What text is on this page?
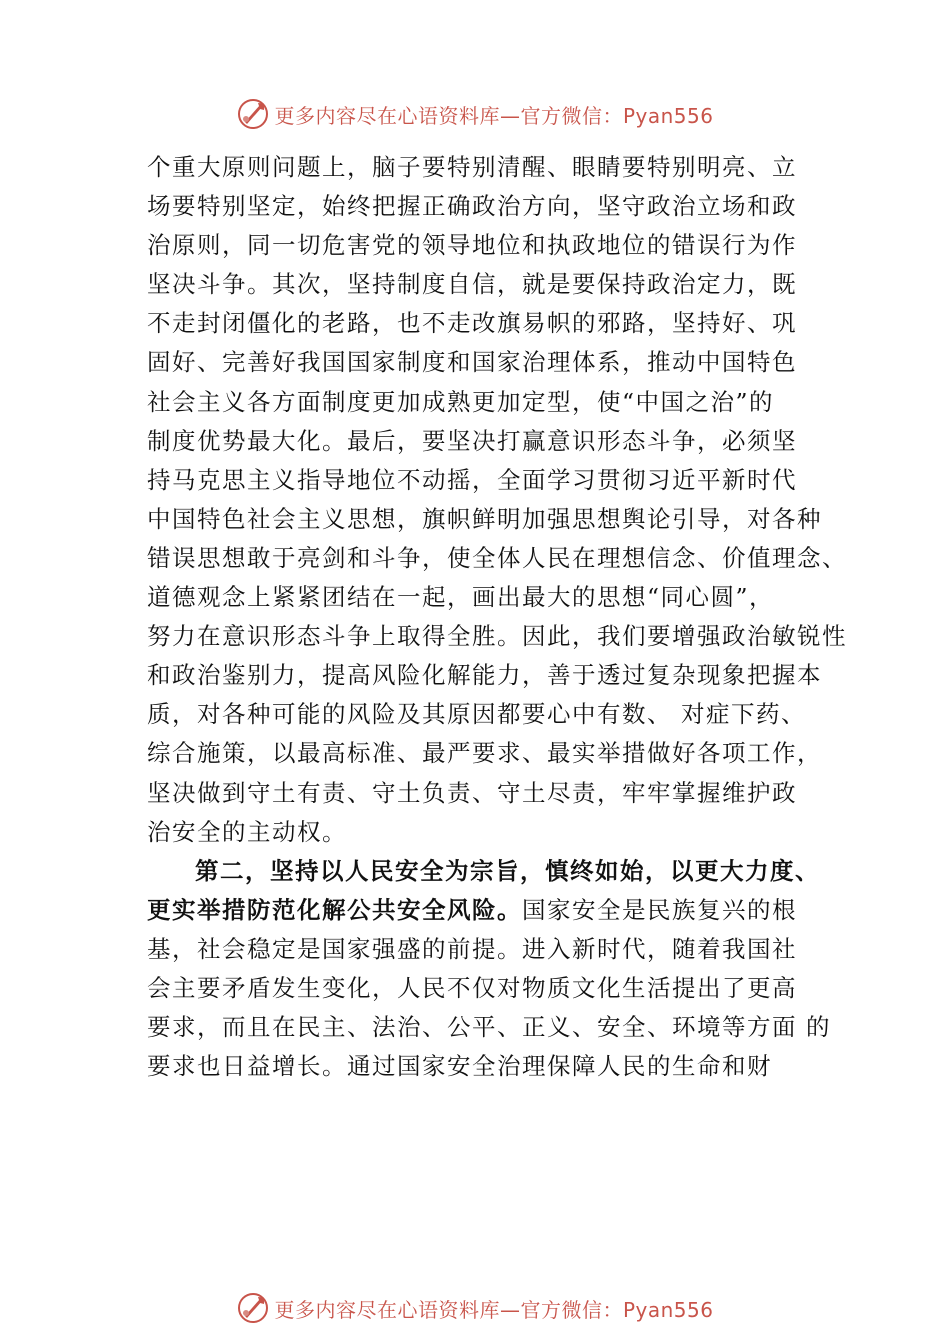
更多内容尽在心语资料库—官方微信：Pyan556
个重大原则问题上，脑子要特别清醒、眼睛要特别明亮、立
场要特别坚定，始终把握正确政治方向，坚守政治立场和政
治原则，同一切危害党的领导地位和执政地位的错误行为作
坚决斗争。其次，坚持制度自信，就是要保持政治定力，既
不走封闭僵化的老路，也不走改旗易帜的邪路，坚持好、巩
固好、完善好我国国家制度和国家治理体系，推动中国特色
社会主义各方面制度更加成熟更加定型，使“中国之治”的
制度优势最大化。最后，要坚决打赢意识形态斗争，必须坚
持马克思主义指导地位不动摇，全面学习贯彻习近平新时代
中国特色社会主义思想，旗帜鲜明加强思想舆论引导，对各种
错误思想敢于亮剑和斗争，使全体人民在理想信念、价值理念、
道德观念上紧紧团结在一起，画出最大的思想“同心圆”，
努力在意识形态斗争上取得全胜。因此，我们要增强政治敏锐性
和政治鉴别力，提高风险化解能力，善于透过复杂现象把握本
质，对各种可能的风险及其原因都要心中有数、 对症下药、
综合施策，以最高标准、最严要求、最实举措做好各项工作，
坚决做到守土有责、守土负责、守土尽责，牢牢掌握维护政
治安全的主动权。
第二，坚持以人民安全为宗旨，慎终如始，以更大力度、
更实举措防范化解公共安全风险。国家安全是民族复兴的根
基，社会稳定是国家强盛的前提。进入新时代，随着我国社
会主要矛盾发生变化，人民不仅对物质文化生活提出了更高
要求，而且在民主、法治、公平、正义、安全、环境等方面 的
要求也日益增长。通过国家安全治理保障人民的生命和财
更多内容尽在心语资料库—官方微信：Pyan556
